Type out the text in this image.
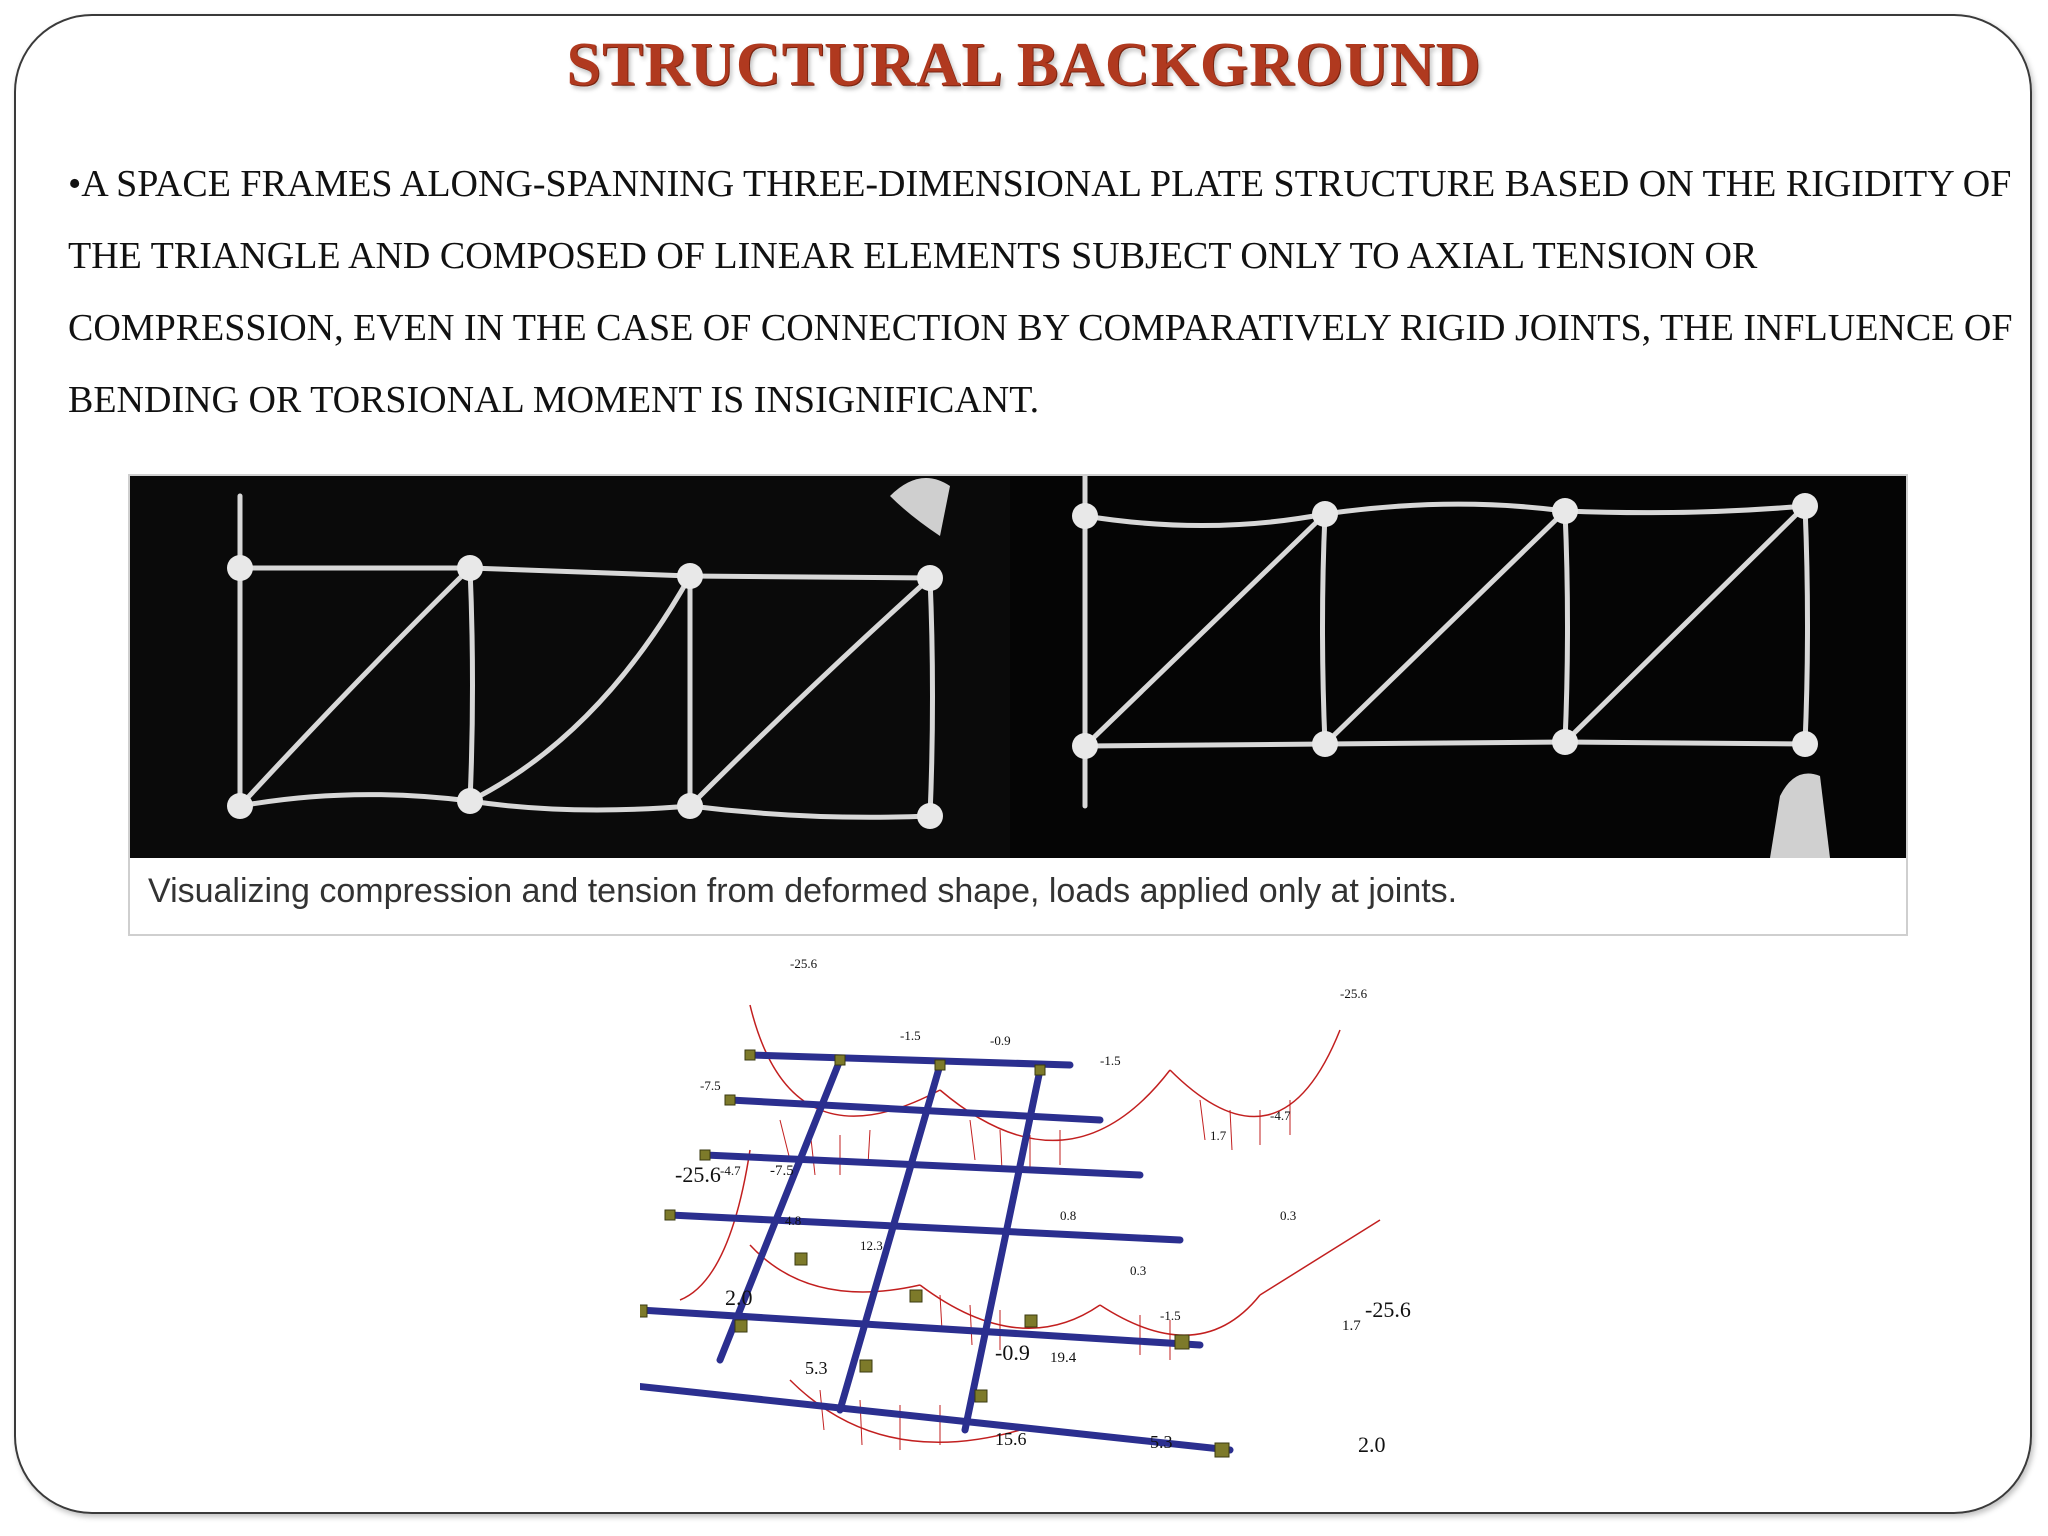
STRUCTURAL BACKGROUND
•A SPACE FRAMES ALONG-SPANNING THREE-DIMENSIONAL PLATE STRUCTURE BASED ON THE RIGIDITY OF THE TRIANGLE AND COMPOSED OF LINEAR ELEMENTS SUBJECT ONLY TO AXIAL TENSION OR COMPRESSION, EVEN IN THE CASE OF CONNECTION BY COMPARATIVELY RIGID JOINTS, THE INFLUENCE OF BENDING OR TORSIONAL MOMENT IS INSIGNIFICANT.
Visualizing compression and tension from deformed shape, loads applied only at joints.
-25.6
-25.6
-7.5
-4.7
-4.7
-1.5	-0.9
-1.5
1.7
0.3
4.8	0.8
12.3
0.3
-1.5
-25.6
-25.6
-7.5
2.0
2.0
5.3
5.3
15.6
-0.9 19.4
1.7
